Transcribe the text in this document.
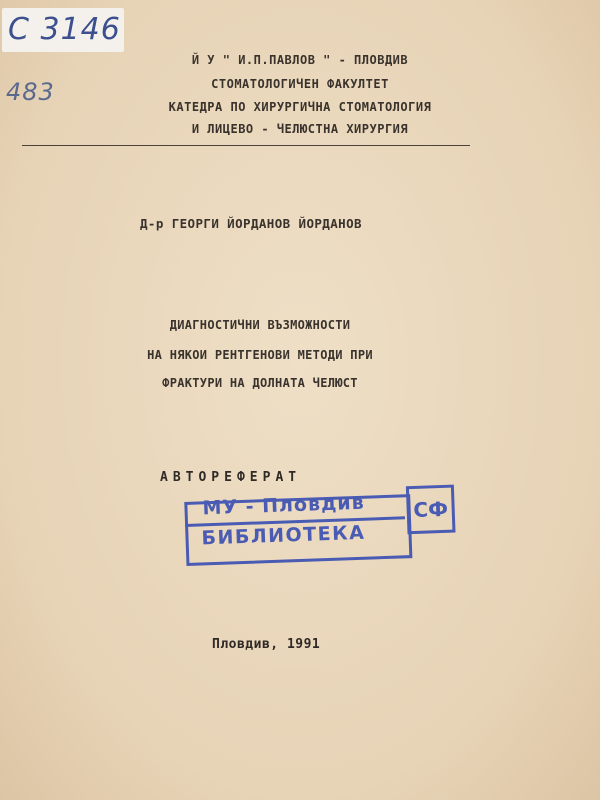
С 3146
483
Й У " И.П.ПАВЛОВ " - ПЛОВДИВ
СТОМАТОЛОГИЧЕН ФАКУЛТЕТ
КАТЕДРА ПО ХИРУРГИЧНА СТОМАТОЛОГИЯ
И ЛИЦЕВО - ЧЕЛЮСТНА ХИРУРГИЯ
Д-р ГЕОРГИ ЙОРДАНОВ ЙОРДАНОВ
ДИАГНОСТИЧНИ ВЪЗМОЖНОСТИ
НА НЯКОИ РЕНТГЕНОВИ МЕТОДИ ПРИ
ФРАКТУРИ НА ДОЛНАТА ЧЕЛЮСТ
АВТОРЕФЕРАТ
МУ - Пловдив
БИБЛИОТЕКА
СФ
Пловдив, 1991
